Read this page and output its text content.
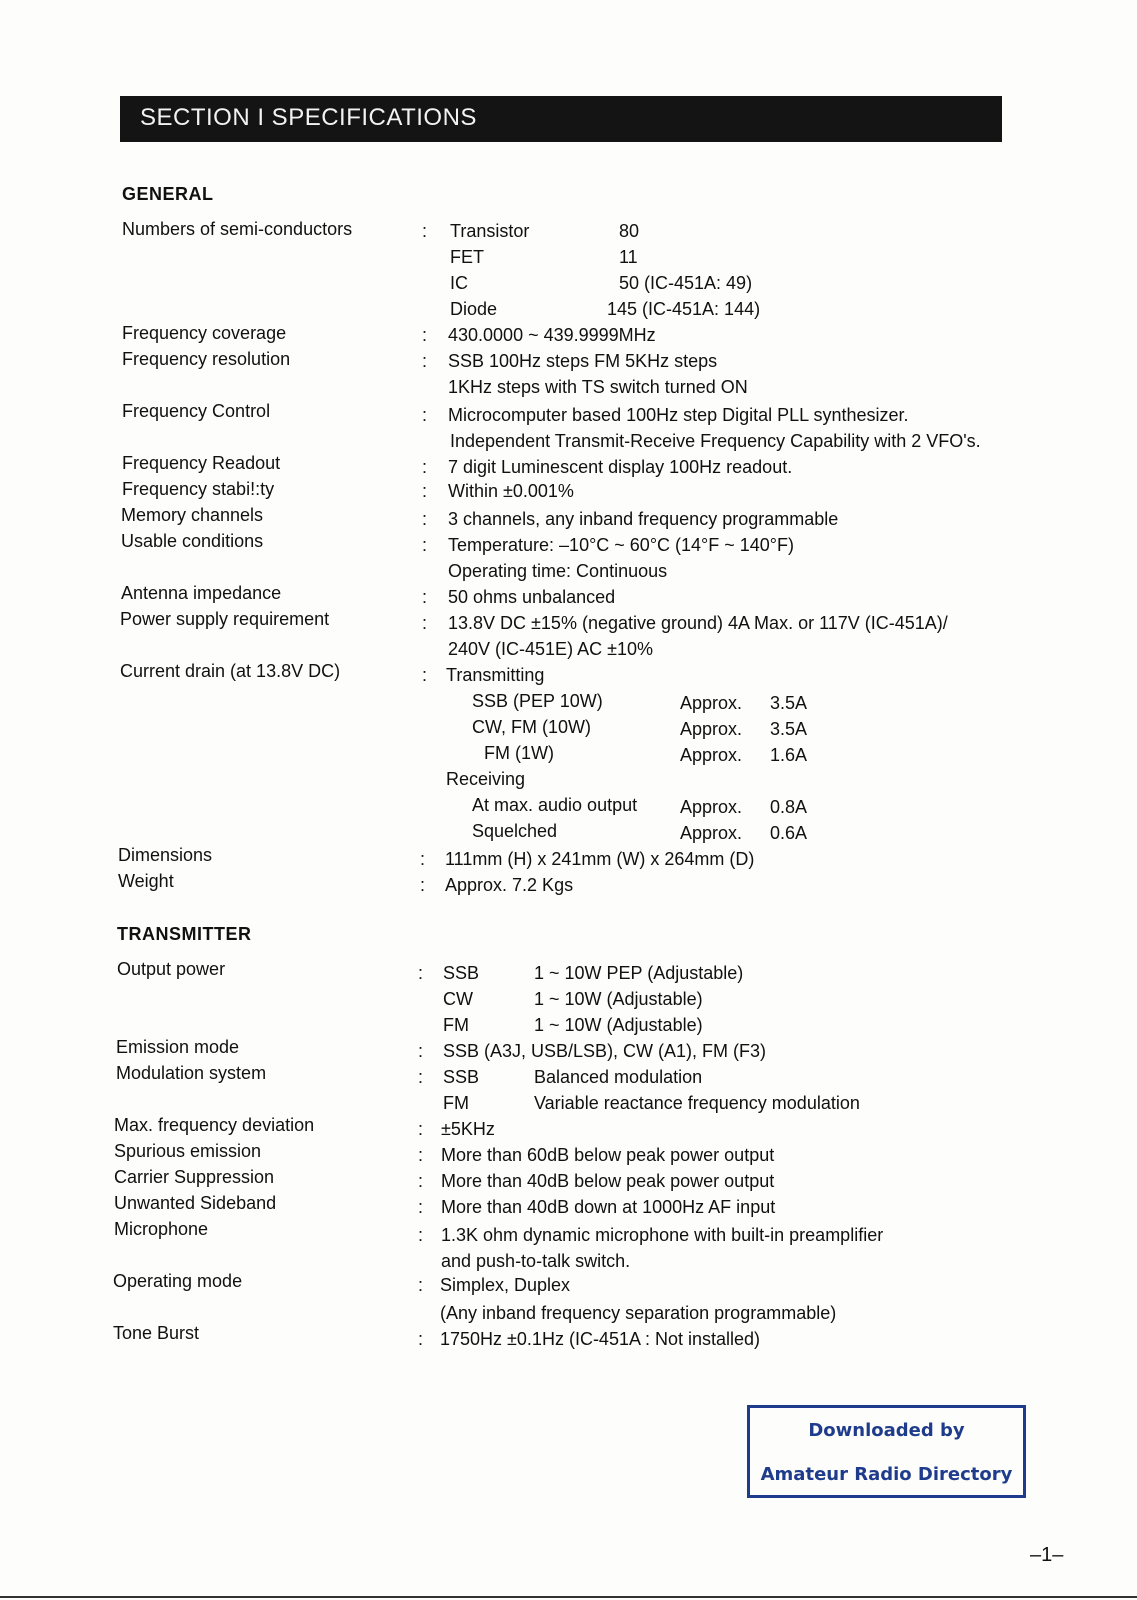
SECTION I SPECIFICATIONS
GENERAL
Numbers of semi-conductors	: Transistor	80
FET	11
IC	50 (IC-451A: 49)
Diode	145 (IC-451A: 144)
Frequency coverage	: 430.0000 ~ 439.9999MHz
Frequency resolution	: SSB 100Hz steps FM 5KHz steps
1KHz steps with TS switch turned ON
Frequency Control	: Microcomputer based 100Hz step Digital PLL synthesizer.
Independent Transmit-Receive Frequency Capability with 2 VFO's.
Frequency Readout	: 7 digit Luminescent display 100Hz readout.
Frequency stabi!:ty	: Within ±0.001%
Memory channels	: 3 channels, any inband frequency programmable
Usable conditions	: Temperature: –10°C ~ 60°C (14°F ~ 140°F)
Operating time: Continuous
Antenna impedance	: 50 ohms unbalanced
Power supply requirement	: 13.8V DC ±15% (negative ground) 4A Max. or 117V (IC-451A)/
240V (IC-451E) AC ±10%
Current drain (at 13.8V DC)	: Transmitting
SSB (PEP 10W)	Approx. 3.5A
CW, FM (10W)	Approx. 3.5A
FM (1W)	Approx. 1.6A
Receiving
At max. audio output Approx. 0.8A
Squelched	Approx. 0.6A
Dimensions	: 111mm (H) x 241mm (W) x 264mm (D)
Weight	: Approx. 7.2 Kgs
TRANSMITTER
Output power	: SSB	1 ~ 10W PEP (Adjustable)
CW	1 ~ 10W (Adjustable)
FM	1 ~ 10W (Adjustable)
Emission mode	: SSB (A3J, USB/LSB), CW (A1), FM (F3)
Modulation system	: SSB	Balanced modulation
FM	Variable reactance frequency modulation
Max. frequency deviation	: ±5KHz
Spurious emission	: More than 60dB below peak power output
Carrier Suppression	: More than 40dB below peak power output
Unwanted Sideband	: More than 40dB down at 1000Hz AF input
Microphone	: 1.3K ohm dynamic microphone with built-in preamplifier
and push-to-talk switch.
Operating mode	: Simplex, Duplex
(Any inband frequency separation programmable)
Tone Burst	: 1750Hz ±0.1Hz (IC-451A : Not installed)
Downloaded by
Amateur Radio Directory
–1–
